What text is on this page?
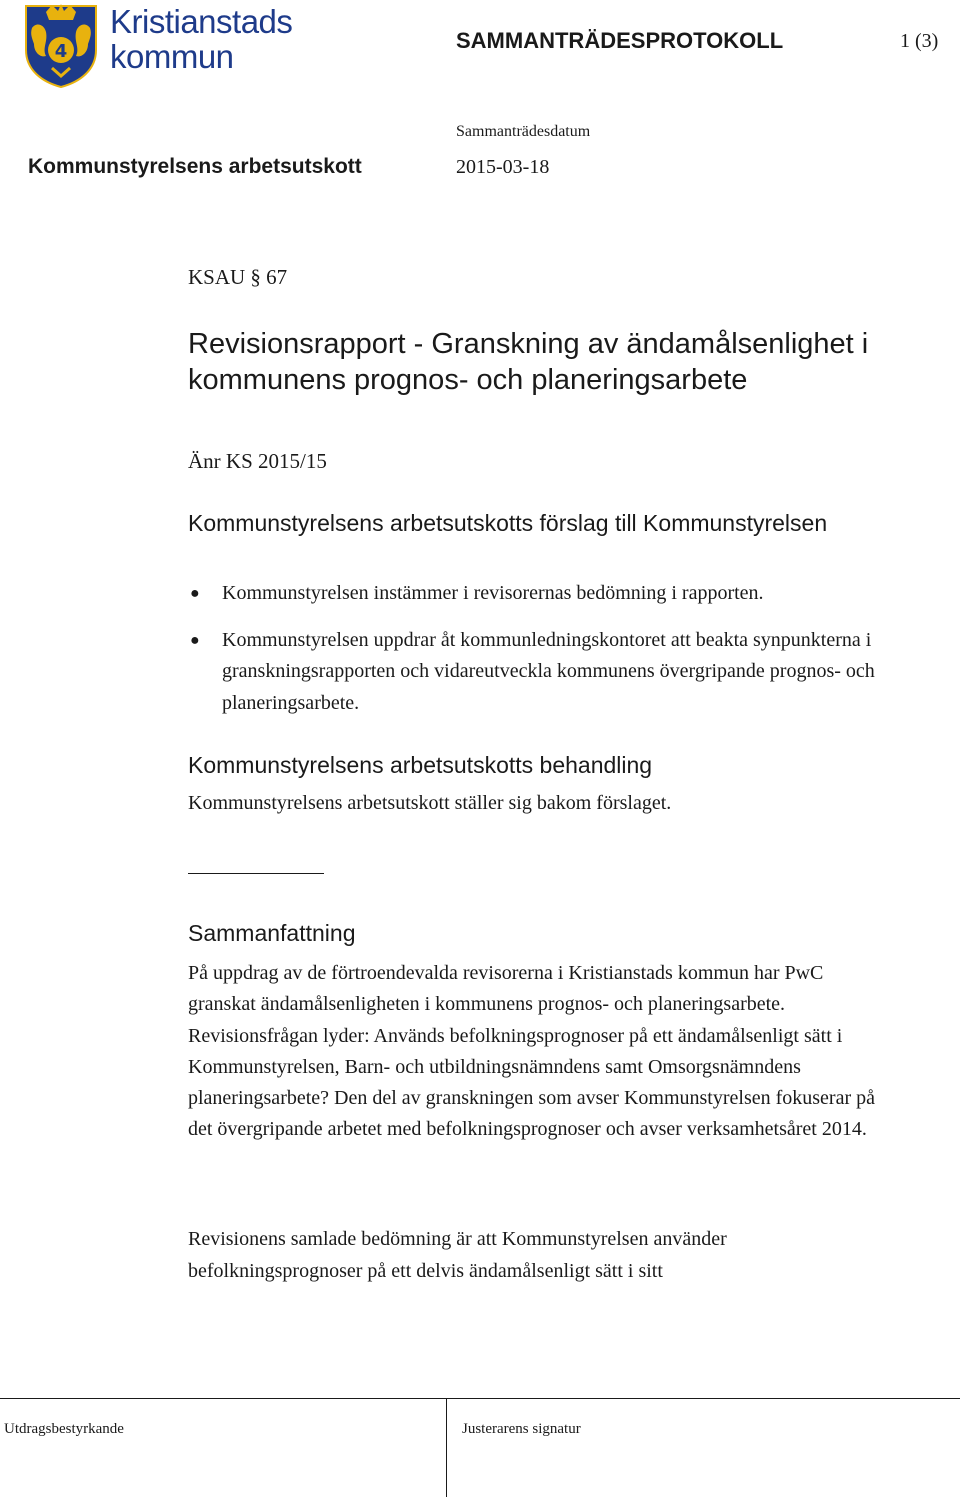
4
Kristianstads
kommun	SAMMANTRÄDESPROTOKOLL	1 (3)
Sammanträdesdatum
Kommunstyrelsens arbetsutskott	2015-03-18
KSAU § 67
Revisionsrapport - Granskning av ändamålsenlighet i kommunens prognos- och planeringsarbete
Änr KS 2015/15
Kommunstyrelsens arbetsutskotts förslag till Kommunstyrelsen
● Kommunstyrelsen instämmer i revisorernas bedömning i rapporten.
● Kommunstyrelsen uppdrar åt kommunledningskontoret att beakta synpunkterna i granskningsrapporten och vidareutveckla kommunens övergripande prognos- och planeringsarbete.
Kommunstyrelsens arbetsutskotts behandling
Kommunstyrelsens arbetsutskott ställer sig bakom förslaget.
Sammanfattning

På uppdrag av de förtroendevalda revisorerna i Kristianstads kommun har PwC granskat ändamålsenligheten i kommunens prognos- och planeringsarbete. Revisionsfrågan lyder: Används befolkningsprognoser på ett ändamålsenligt sätt i Kommunstyrelsen, Barn- och utbildningsnämndens samt Omsorgsnämndens planeringsarbete? Den del av granskningen som avser Kommunstyrelsen fokuserar på det övergripande arbetet med befolkningsprognoser och avser verksamhetsåret 2014.

Revisionens samlade bedömning är att Kommunstyrelsen använder befolkningsprognoser på ett delvis ändamålsenligt sätt i sitt

Utdragsbestyrkande	Justerarens signatur
